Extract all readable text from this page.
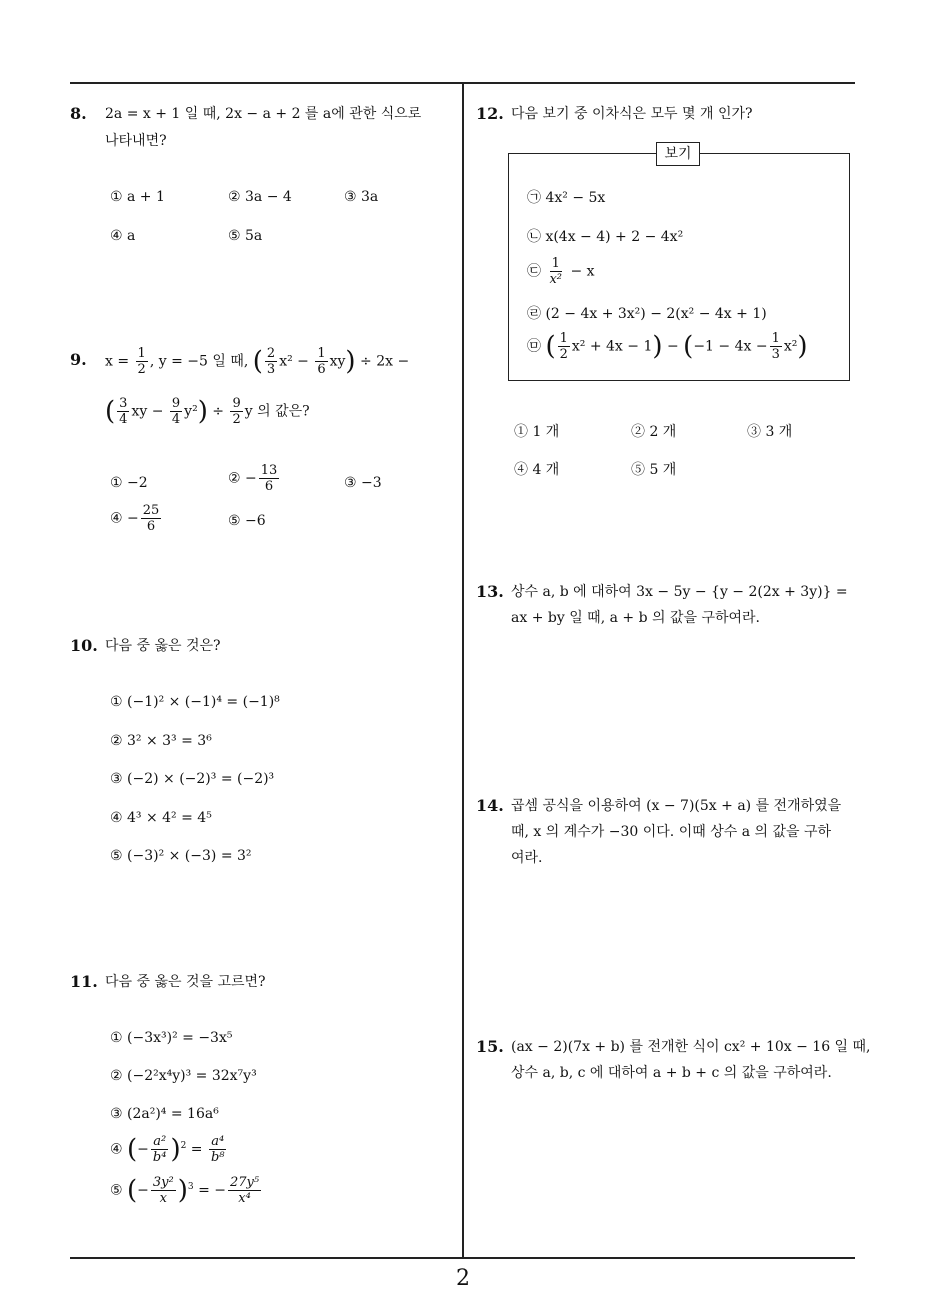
8. 2a = x + 1 일 때, 2x − a + 2 를 a에 관한 식으로
나타내면?
① a + 1	② 3a − 4	③ 3a
④ a	⑤ 5a
9. $x = \frac{1}{2}$ , y = −5 일 때, ( $\frac{2}{3} x^2 - \frac{1}{6} xy) \div 2x$ −
( $\frac{3}{4}$ xy − $\frac{9}{4} y^2) \div \frac{9}{2}$ y 의 값은?
① −2	② − $\frac{13}{6}$	③ −3
④ − $\frac{25}{6}$	⑤ −6
10. 다음 중 옳은 것은?
① (−1)² × (−1)⁴ = (−1)⁸
② 3² × 3³ = 3⁶
③ (−2) × (−2)³ = (−2)³
④ 4³ × 4² = 4⁵
⑤ (−3)² × (−3) = 3²
11. 다음 중 옳은 것을 고르면?
① (−3x³)² = −3x⁵
② (−2²x⁴y)³ = 32x⁷y³
③ (2a²)⁴ = 16a⁶
④ (− $\frac{\text{a²}}{\text{b⁴}} )^2 = \frac{\text{a⁴}}{\text{b⁸}}$
⑤ (− $\frac{\text{3y²}}{x} )^3$ = − $\frac{\text{27y⁵}}{\text{x⁴}}$
12. 다음 보기 중 이차식은 모두 몇 개 인가?
보기
㉠ 4x² − 5x
㉡ x(4x − 4) + 2 − 4x²
㉢ $\frac{1}{\text{x²}} - x$
㉣ (2 − 4x + 3x²) − 2(x² − 4x + 1)
㉤ ( $\frac{1}{2} x^2 + 4x - 1) - (-1 - 4x - \frac{1}{3} x^2)$
① 1 개	② 2 개	③ 3 개
④ 4 개	⑤ 5 개
13. 상수 a, b 에 대하여 3x − 5y − {y − 2(2x + 3y)} =
ax + by 일 때, a + b 의 값을 구하여라.
14. 곱셈 공식을 이용하여 (x − 7)(5x + a) 를 전개하였을
때, x 의 계수가 −30 이다. 이때 상수 a 의 값을 구하
여라.
15. (ax − 2)(7x + b) 를 전개한 식이 cx² + 10x − 16 일 때,
상수 a, b, c 에 대하여 a + b + c 의 값을 구하여라.
2
